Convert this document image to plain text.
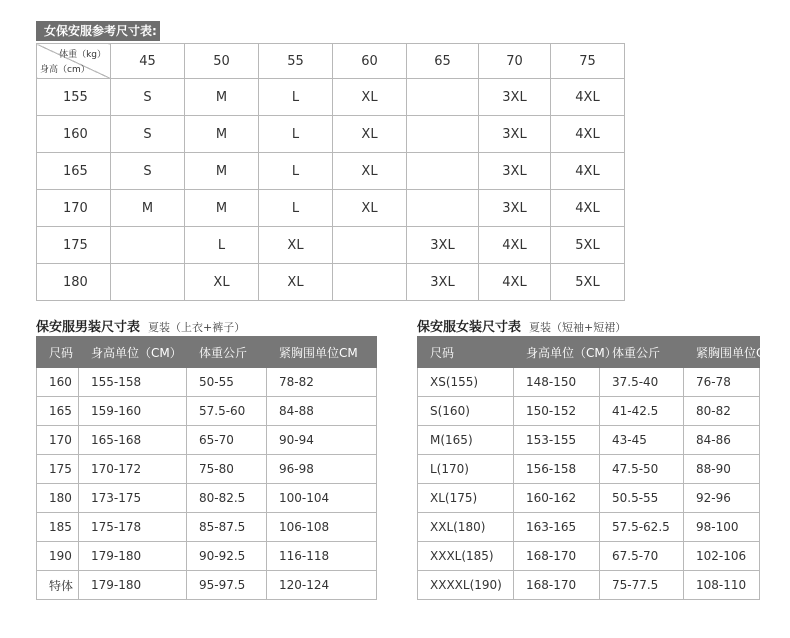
女保安服参考尺寸表:
体重（kg）
身高（cm）	45	50	55	60	65	70	75
155	S	M	L	XL		3XL	4XL
160	S	M	L	XL		3XL	4XL
165	S	M	L	XL		3XL	4XL
170	M	M	L	XL		3XL	4XL
175		L	XL		3XL	4XL	5XL
180		XL	XL		3XL	4XL	5XL
保安服男装尺寸表 夏装（上衣+裤子）	保安服女装尺寸表 夏装（短袖+短裙）
尺码	身高单位（CM）	体重公斤	紧胸围单位CM
160	155-158	50-55	78-82
165	159-160	57.5-60	84-88
170	165-168	65-70	90-94
175	170-172	75-80	96-98
180	173-175	80-82.5	100-104
185	175-178	85-87.5	106-108
190	179-180	90-92.5	116-118
特体	179-180	95-97.5	120-124
尺码	身高单位（CM）	体重公斤	紧胸围单位CM
XS(155)	148-150	37.5-40	76-78
S(160)	150-152	41-42.5	80-82
M(165)	153-155	43-45	84-86
L(170)	156-158	47.5-50	88-90
XL(175)	160-162	50.5-55	92-96
XXL(180)	163-165	57.5-62.5	98-100
XXXL(185)	168-170	67.5-70	102-106
XXXXL(190)	168-170	75-77.5	108-110
